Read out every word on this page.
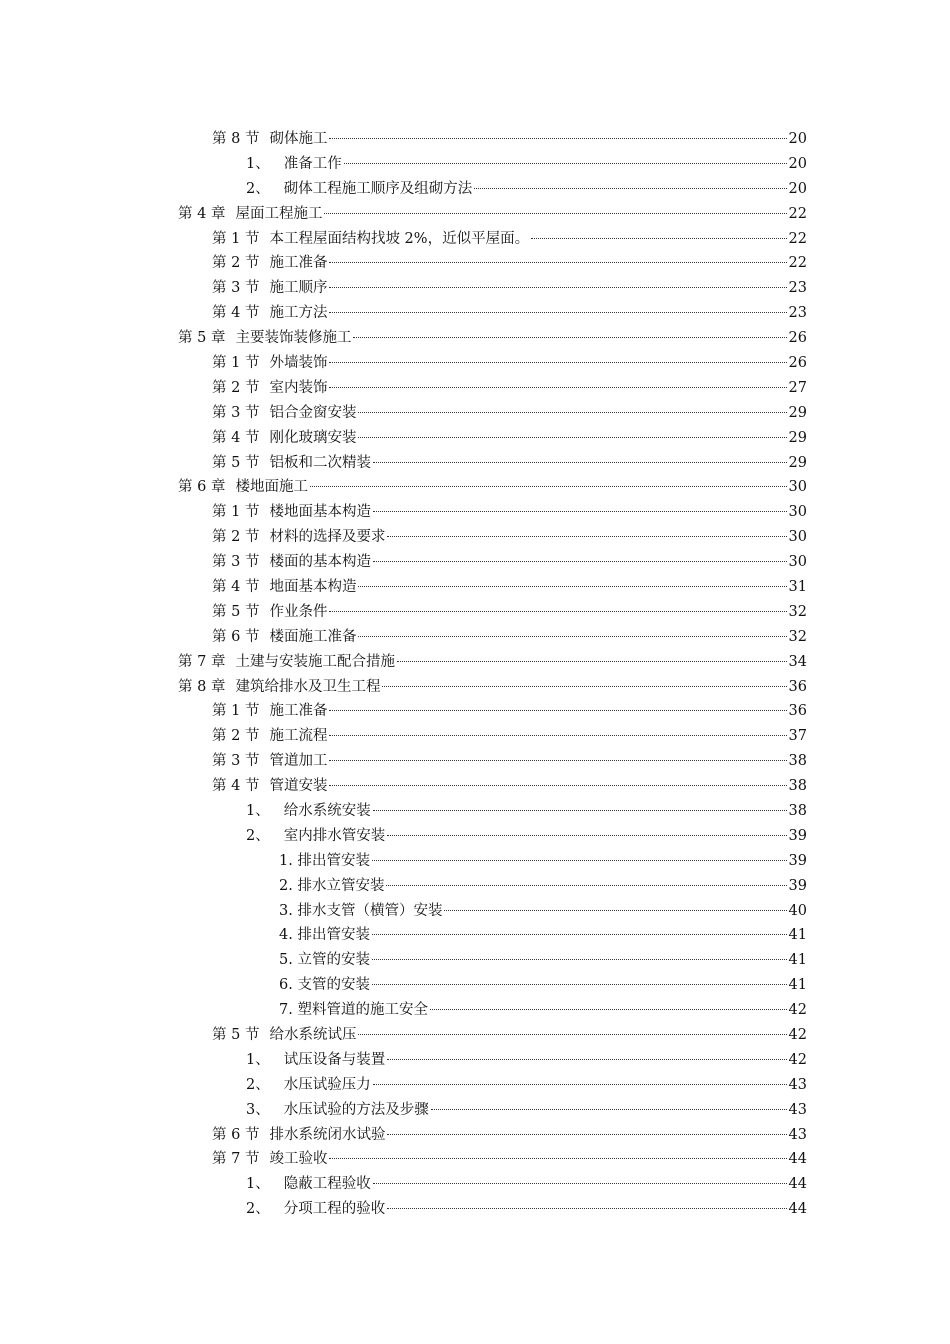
第 8 节 砌体施工	20
1、 准备工作	20
2、 砌体工程施工顺序及组砌方法	20
第 4 章 屋面工程施工	22
第 1 节 本工程屋面结构找坡 2%，近似平屋面。	22
第 2 节 施工准备	22
第 3 节 施工顺序	23
第 4 节 施工方法	23
第 5 章 主要装饰装修施工	26
第 1 节 外墙装饰	26
第 2 节 室内装饰	27
第 3 节 铝合金窗安装	29
第 4 节 刚化玻璃安装	29
第 5 节 铝板和二次精装	29
第 6 章 楼地面施工	30
第 1 节 楼地面基本构造	30
第 2 节 材料的选择及要求	30
第 3 节 楼面的基本构造	30
第 4 节 地面基本构造	31
第 5 节 作业条件	32
第 6 节 楼面施工准备	32
第 7 章 土建与安装施工配合措施	34
第 8 章 建筑给排水及卫生工程	36
第 1 节 施工准备	36
第 2 节 施工流程	37
第 3 节 管道加工	38
第 4 节 管道安装	38
1、 给水系统安装	38
2、 室内排水管安装	39
1. 排出管安装	39
2. 排水立管安装	39
3. 排水支管（横管）安装	40
4. 排出管安装	41
5. 立管的安装	41
6. 支管的安装	41
7. 塑料管道的施工安全	42
第 5 节 给水系统试压	42
1、 试压设备与装置	42
2、 水压试验压力	43
3、 水压试验的方法及步骤	43
第 6 节 排水系统闭水试验	43
第 7 节 竣工验收	44
1、 隐蔽工程验收	44
2、 分项工程的验收	44
